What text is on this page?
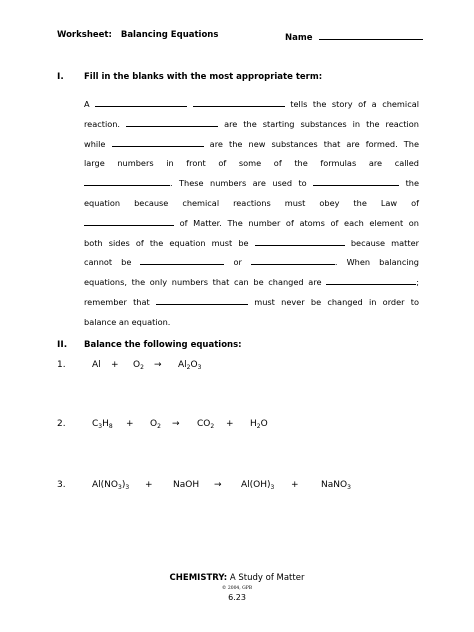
Worksheet: Balancing Equations	Name
I. Fill in the blanks with the most appropriate term:
A	tells the story of a chemical
reaction.	are the starting substances in the reaction
while	are the new substances that are formed. The
large numbers in front of some of the formulas are called
. These numbers are used to	the
equation because chemical reactions must obey the Law of
of Matter. The number of atoms of each element on
both sides of the equation must be	because matter
cannot be	or	. When balancing
equations, the only numbers that can be changed are	;
remember that	must never be changed in order to
balance an equation.
II. Balance the following equations:
1.	$Al + O_2 \to Al_2O_3$
2.	$C_3H_8 + O_2 \to CO_2 + H_2O$
3.	$Al(NO_3)_3$ + NaOH → $Al(OH)_3$ + NaNO$_3$
CHEMISTRY: A Study of Matter
© 2004, GPB
6.23
